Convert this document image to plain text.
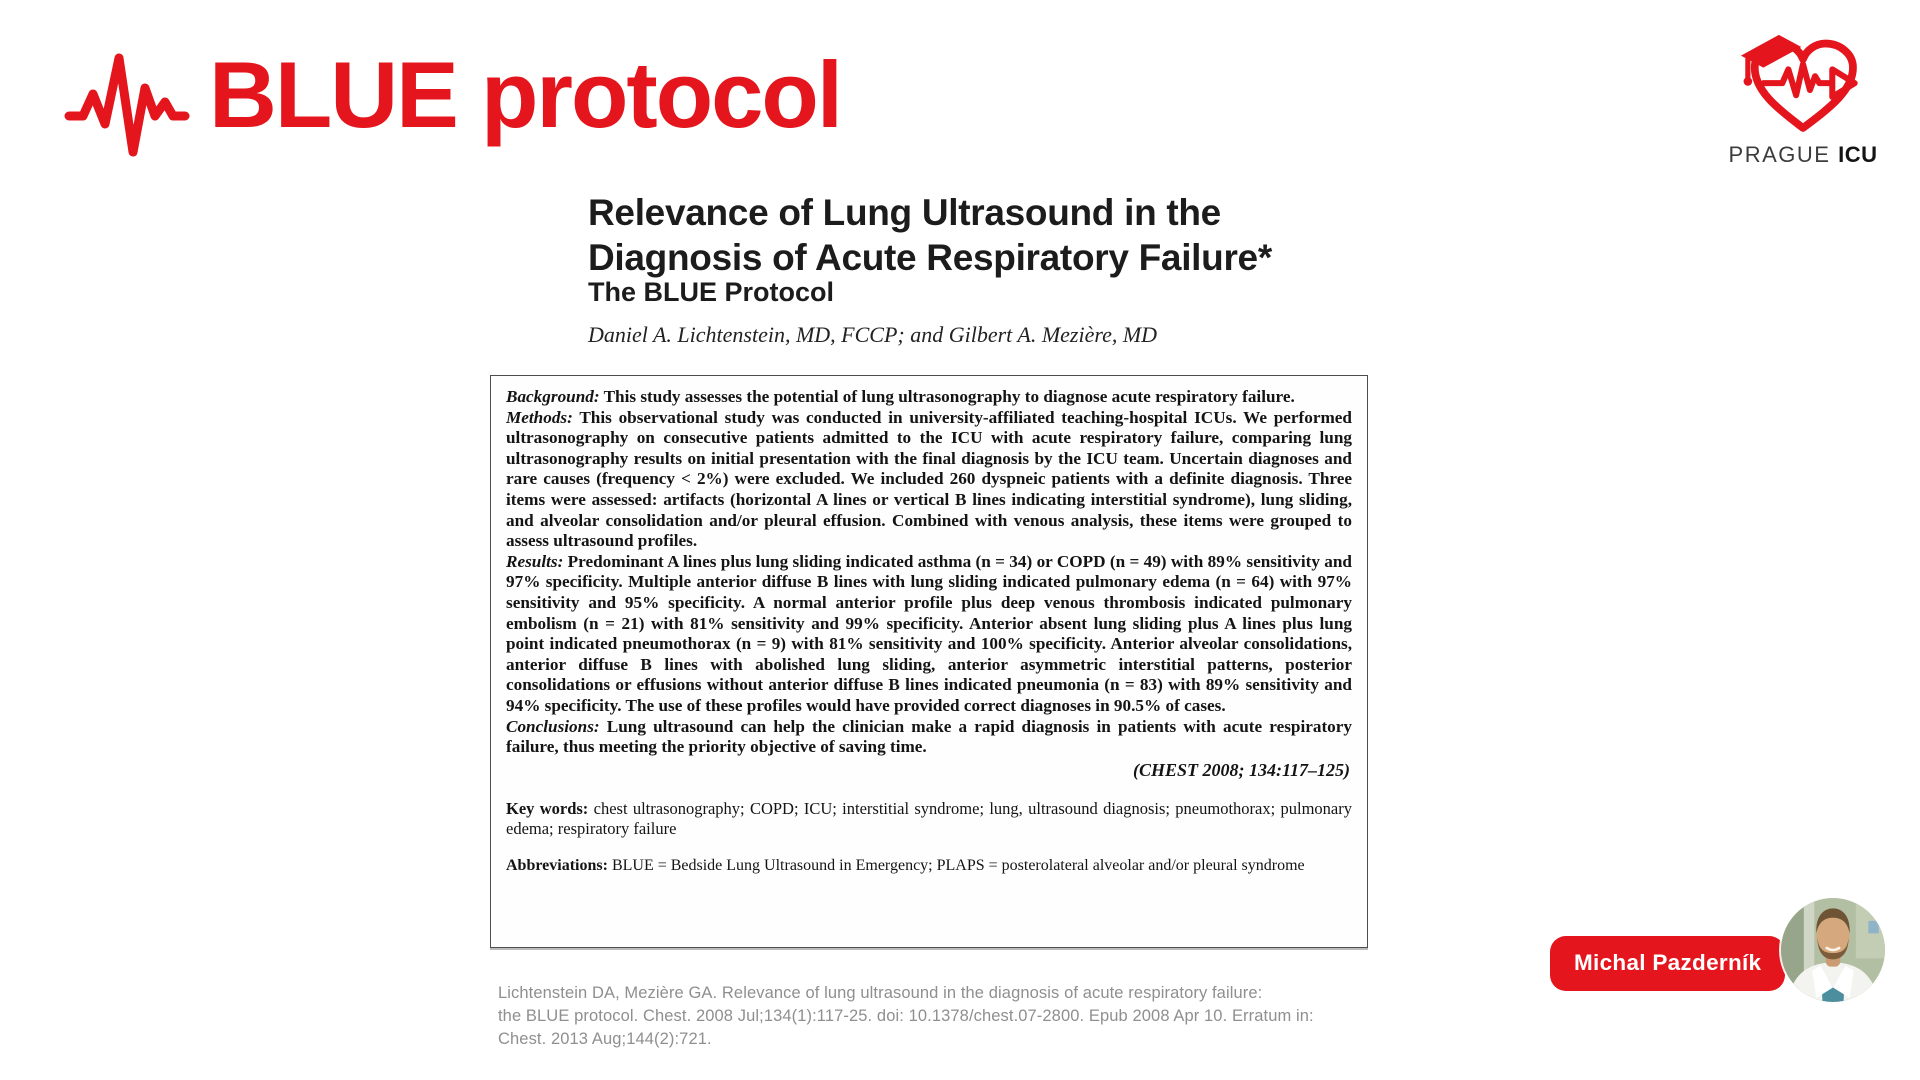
BLUE protocol
PRAGUE ICU
Relevance of Lung Ultrasound in the
Diagnosis of Acute Respiratory Failure*
The BLUE Protocol
Daniel A. Lichtenstein, MD, FCCP; and Gilbert A. Mezière, MD

Background: This study assesses the potential of lung ultrasonography to diagnose acute respiratory failure.

Methods: This observational study was conducted in university-affiliated teaching-hospital ICUs. We performed ultrasonography on consecutive patients admitted to the ICU with acute respiratory failure, comparing lung ultrasonography results on initial presentation with the final diagnosis by the ICU team. Uncertain diagnoses and rare causes (frequency < 2%) were excluded. We included 260 dyspneic patients with a definite diagnosis. Three items were assessed: artifacts (horizontal A lines or vertical B lines indicating interstitial syndrome), lung sliding, and alveolar consolidation and/or pleural effusion. Combined with venous analysis, these items were grouped to assess ultrasound profiles.

Results: Predominant A lines plus lung sliding indicated asthma (n = 34) or COPD (n = 49) with 89% sensitivity and 97% specificity. Multiple anterior diffuse B lines with lung sliding indicated pulmonary edema (n = 64) with 97% sensitivity and 95% specificity. A normal anterior profile plus deep venous thrombosis indicated pulmonary embolism (n = 21) with 81% sensitivity and 99% specificity. Anterior absent lung sliding plus A lines plus lung point indicated pneumothorax (n = 9) with 81% sensitivity and 100% specificity. Anterior alveolar consolidations, anterior diffuse B lines with abolished lung sliding, anterior asymmetric interstitial patterns, posterior consolidations or effusions without anterior diffuse B lines indicated pneumonia (n = 83) with 89% sensitivity and 94% specificity. The use of these profiles would have provided correct diagnoses in 90.5% of cases.

Conclusions: Lung ultrasound can help the clinician make a rapid diagnosis in patients with acute respiratory failure, thus meeting the priority objective of saving time.

(CHEST 2008; 134:117–125)

Key words: chest ultrasonography; COPD; ICU; interstitial syndrome; lung, ultrasound diagnosis; pneumothorax; pulmonary edema; respiratory failure

Abbreviations: BLUE = Bedside Lung Ultrasound in Emergency; PLAPS = posterolateral alveolar and/or pleural syndrome

Lichtenstein DA, Mezière GA. Relevance of lung ultrasound in the diagnosis of acute respiratory failure:
the BLUE protocol. Chest. 2008 Jul;134(1):117-25. doi: 10.1378/chest.07-2800. Epub 2008 Apr 10. Erratum in:
Chest. 2013 Aug;144(2):721.
Michal Pazderník
